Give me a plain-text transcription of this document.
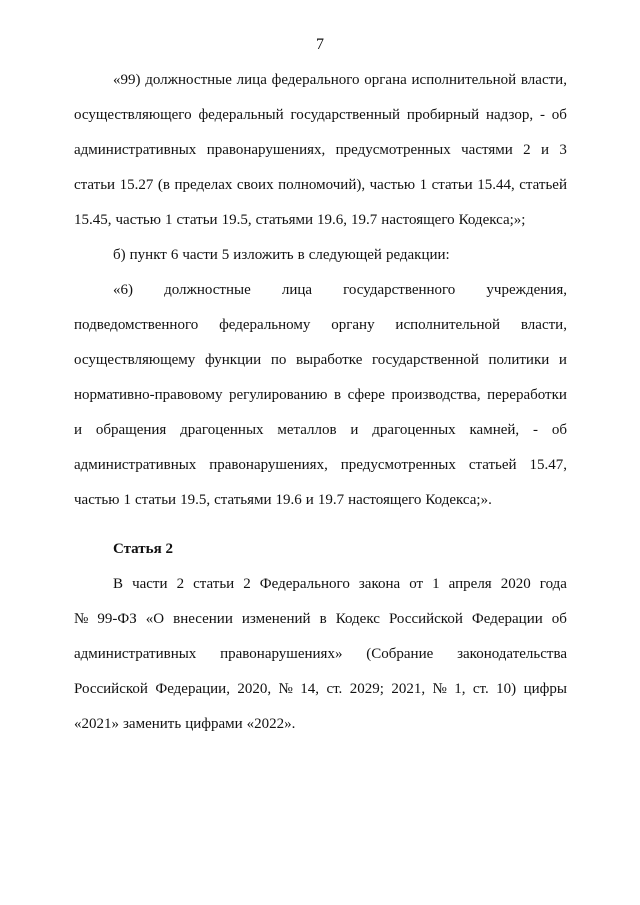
7
«99) должностные лица федерального органа исполнительной власти,
осуществляющего федеральный государственный пробирный надзор, - об
административных правонарушениях, предусмотренных частями 2 и 3
статьи 15.27 (в пределах своих полномочий), частью 1 статьи 15.44, статьей
15.45, частью 1 статьи 19.5, статьями 19.6, 19.7 настоящего Кодекса;»;
б) пункт 6 части 5 изложить в следующей редакции:
«6) должностные лица государственного учреждения,
подведомственного федеральному органу исполнительной власти,
осуществляющему функции по выработке государственной политики и
нормативно-правовому регулированию в сфере производства, переработки
и обращения драгоценных металлов и драгоценных камней, - об
административных правонарушениях, предусмотренных статьей 15.47,
частью 1 статьи 19.5, статьями 19.6 и 19.7 настоящего Кодекса;».
Статья 2
В части 2 статьи 2 Федерального закона от 1 апреля 2020 года
№ 99-ФЗ «О внесении изменений в Кодекс Российской Федерации об
административных правонарушениях» (Собрание законодательства
Российской Федерации, 2020, № 14, ст. 2029; 2021, № 1, ст. 10) цифры
«2021» заменить цифрами «2022».
